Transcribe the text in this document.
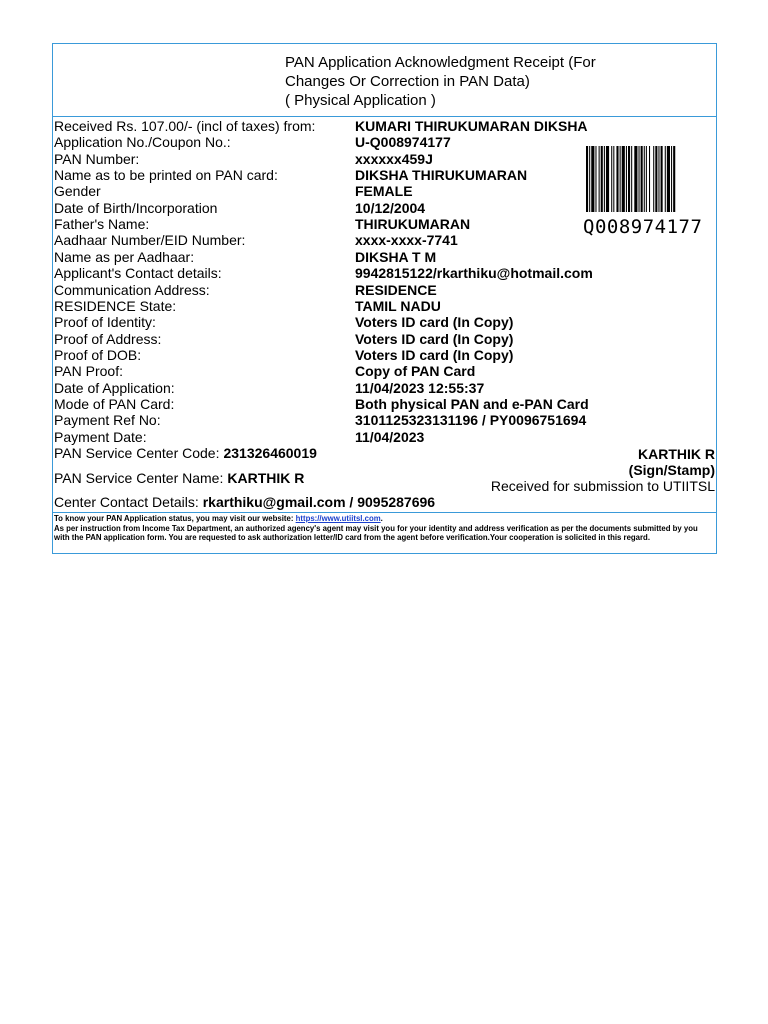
PAN Application Acknowledgment Receipt (For
Changes Or Correction in PAN Data)
( Physical Application )
Received Rs. 107.00/- (incl of taxes) from:	KUMARI THIRUKUMARAN DIKSHA
Application No./Coupon No.:	U-Q008974177
PAN Number:	xxxxxx459J
Name as to be printed on PAN card:	DIKSHA THIRUKUMARAN
Gender	FEMALE
Date of Birth/Incorporation	10/12/2004
Father's Name:	THIRUKUMARAN
Aadhaar Number/EID Number:	xxxx-xxxx-7741
Name as per Aadhaar:	DIKSHA T M
Applicant's Contact details:	9942815122/rkarthiku@hotmail.com
Communication Address:	RESIDENCE
RESIDENCE State:	TAMIL NADU
Proof of Identity:	Voters ID card (In Copy)
Proof of Address:	Voters ID card (In Copy)
Proof of DOB:	Voters ID card (In Copy)
PAN Proof:	Copy of PAN Card
Date of Application:	11/04/2023 12:55:37
Mode of PAN Card:	Both physical PAN and e-PAN Card
Payment Ref No:	3101125323131196 / PY0096751694
Payment Date:	11/04/2023
Q008974177
PAN Service Center Code: 231326460019
PAN Service Center Name: KARTHIK R
Center Contact Details: rkarthiku@gmail.com / 9095287696
KARTHIK R
(Sign/Stamp)
Received for submission to UTIITSL
To know your PAN Application status, you may visit our website: https://www.utiitsl.com.
As per instruction from Income Tax Department, an authorized agency's agent may visit you for your identity and address verification as per the documents submitted by you with the PAN application form. You are requested to ask authorization letter/ID card from the agent before verification.Your cooperation is solicited in this regard.
